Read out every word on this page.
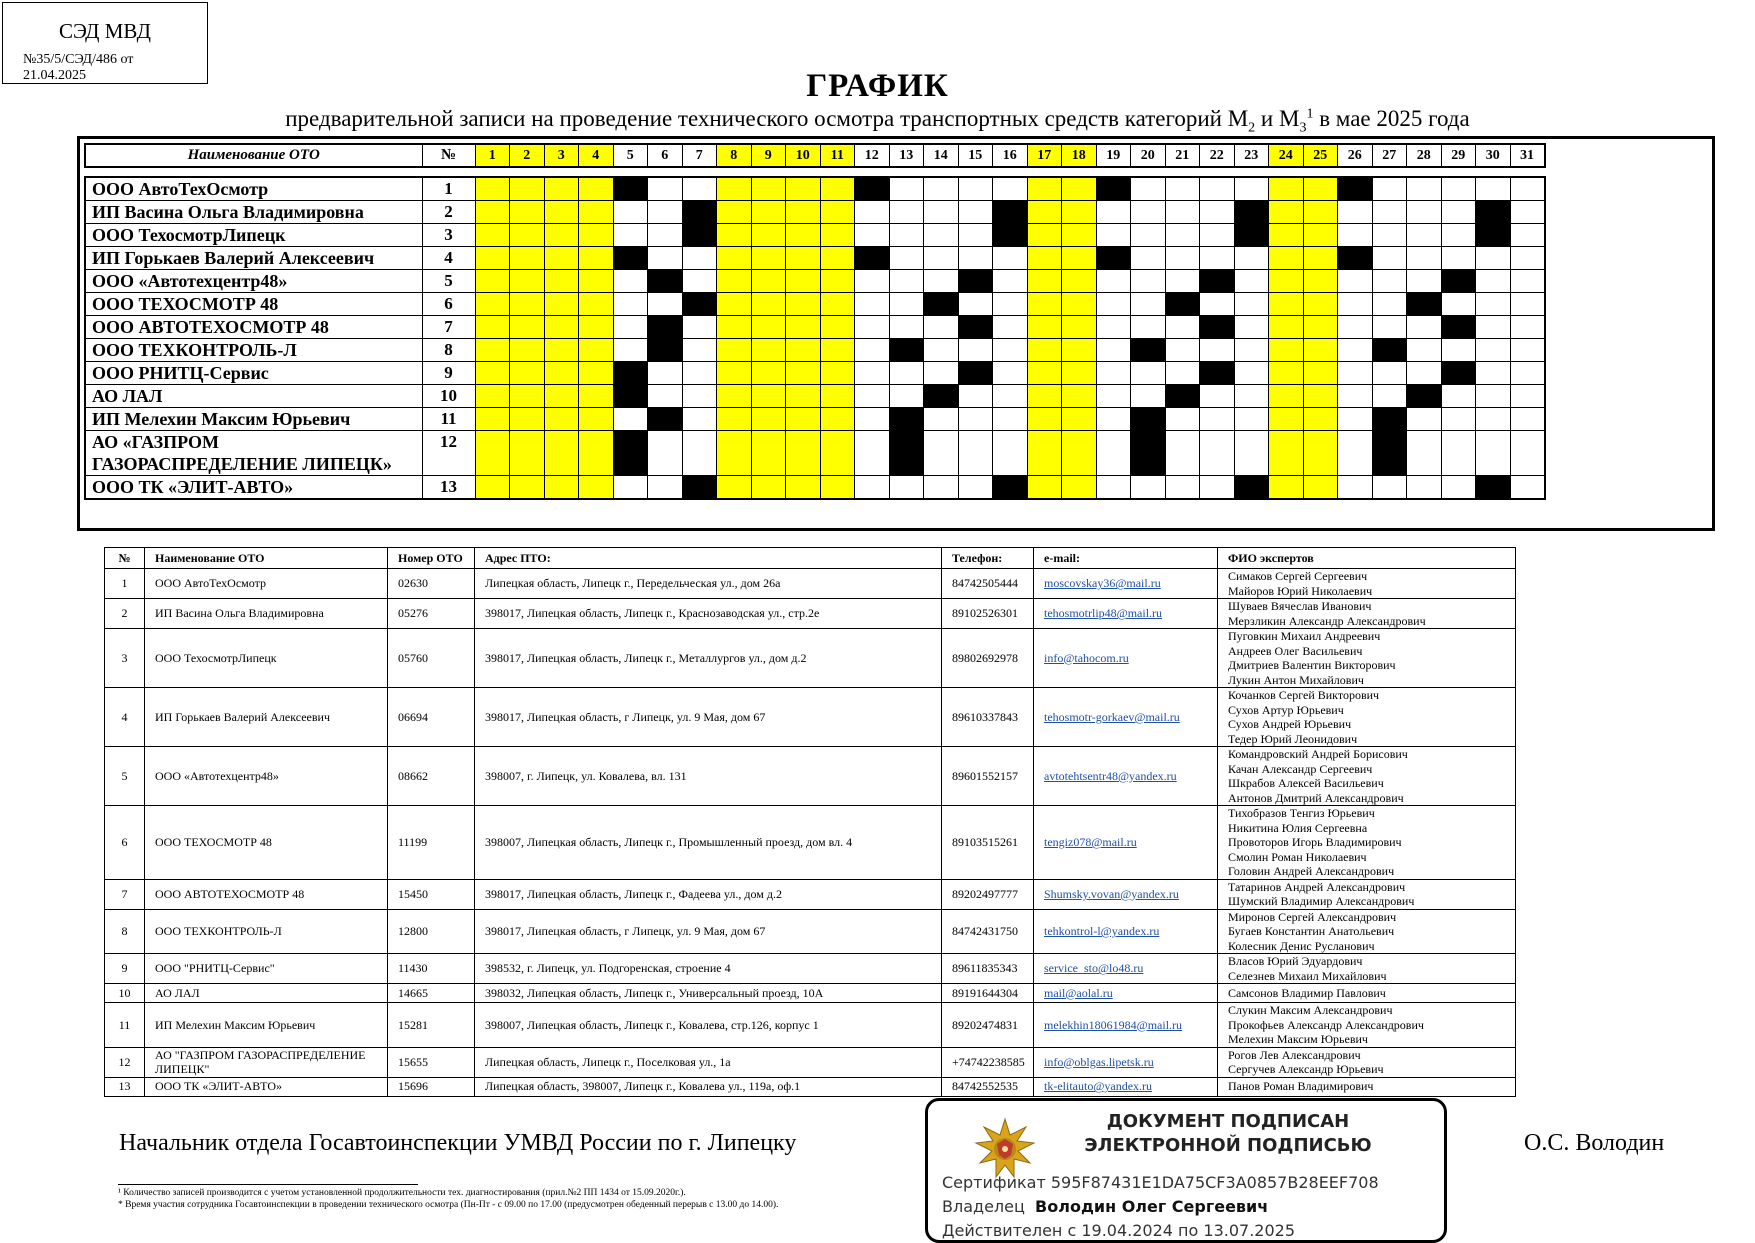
СЭД МВД
№35/5/СЭД/486 от 21.04.2025	ГРАФИК
предварительной записи на проведение технического осмотра транспортных средств категорий $М_2$ и $М_3^1$ в мае 2025 года
Наименование ОТО	№	1	2	3	4	5	6	7	8	9	10	11	12	13	14	15	16	17	18	19	20	21	22	23	24	25	26	27	28	29	30	31
ООО АвтоТехОсмотр	1																															
ИП Васина Ольга Владимировна	2																															
ООО ТехосмотрЛипецк	3																															
ИП Горькаев Валерий Алексеевич	4																															
ООО «Автотехцентр48»	5																															
ООО ТЕХОСМОТР 48	6																															
ООО АВТОТЕХОСМОТР 48	7																															
ООО ТЕХКОНТРОЛЬ-Л	8																															
ООО РНИТЦ-Сервис	9																															
АО ЛАЛ	10																															
ИП Мелехин Максим Юрьевич	11																															
АО «ГАЗПРОМ ГАЗОРАСПРЕДЕЛЕНИЕ ЛИПЕЦК»	12																															
ООО ТК «ЭЛИТ-АВТО»	13																															
№	Наименование ОТО	Номер ОТО	Адрес ПТО:	Телефон:	e-mail:	ФИО экспертов
1	ООО АвтоТехОсмотр	02630	Липецкая область, Липецк г., Передельческая ул., дом 26а	84742505444	moscovskay36@mail.ru	Симаков Сергей Сергеевич
Майоров Юрий Николаевич

2	ИП Васина Ольга Владимировна	05276	398017, Липецкая область, Липецк г., Краснозаводская ул., стр.2е	89102526301	tehosmotrlip48@mail.ru	Шуваев Вячеслав Иванович
Мерзликин Александр Александрович

3	ООО ТехосмотрЛипецк	05760	398017, Липецкая область, Липецк г., Металлургов ул., дом д.2	89802692978	info@tahocom.ru	Пуговкин Михаил Андреевич
Андреев Олег Васильевич
Дмитриев Валентин Викторович
Лукин Антон Михайлович

4	ИП Горькаев Валерий Алексеевич	06694	398017, Липецкая область, г Липецк, ул. 9 Мая, дом 67	89610337843	tehosmotr-gorkaev@mail.ru	Кочанков Сергей Викторович
Сухов Артур Юрьевич
Сухов Андрей Юрьевич
Тедер Юрий Леонидович

5	ООО «Автотехцентр48»	08662	398007, г. Липецк, ул. Ковалева, вл. 131	89601552157	avtotehtsentr48@yandex.ru	Командровский Андрей Борисович
Качан Александр Сергеевич
Шкрабов Алексей Васильевич
Антонов Дмитрий Александрович

6	ООО ТЕХОСМОТР 48	11199	398007, Липецкая область, Липецк г., Промышленный проезд, дом вл. 4	89103515261	tengiz078@mail.ru	Тихобразов Тенгиз Юрьевич
Никитина Юлия Сергеевна
Провоторов Игорь Владимирович
Смолин Роман Николаевич
Головин Андрей Александрович

7	ООО АВТОТЕХОСМОТР 48	15450	398017, Липецкая область, Липецк г., Фадеева ул., дом д.2	89202497777	Shumsky.vovan@yandex.ru	Татаринов Андрей Александрович
Шумский Владимир Александрович

8	ООО ТЕХКОНТРОЛЬ-Л	12800	398017, Липецкая область, г Липецк, ул. 9 Мая, дом 67	84742431750	tehkontrol-l@yandex.ru	Миронов Сергей Александрович
Бугаев Константин Анатольевич
Колесник Денис Русланович

9	ООО "РНИТЦ-Сервис"	11430	398532, г. Липецк, ул. Подгоренская, строение 4	89611835343	service_sto@lo48.ru	Власов Юрий Эдуардович
Селезнев Михаил Михайлович

10	АО ЛАЛ	14665	398032, Липецкая область, Липецк г., Универсальный проезд, 10А	89191644304	mail@aolal.ru	Самсонов Владимир Павлович

11	ИП Мелехин Максим Юрьевич	15281	398007, Липецкая область, Липецк г., Ковалева, стр.126, корпус 1	89202474831	melekhin18061984@mail.ru	Слукин Максим Александрович
Прокофьев Александр Александрович
Мелехин Максим Юрьевич

12	АО "ГАЗПРОМ ГАЗОРАСПРЕДЕЛЕНИЕ ЛИПЕЦК"	15655	Липецкая область, Липецк г., Поселковая ул., 1а	+74742238585	info@oblgas.lipetsk.ru	Рогов Лев Александрович
Сергучев Александр Юрьевич

13	ООО ТК «ЭЛИТ-АВТО»	15696	Липецкая область, 398007, Липецк г., Ковалева ул., 119а, оф.1	84742552535	tk-elitauto@yandex.ru	Панов Роман Владимирович
Начальник отдела Госавтоинспекции УМВД России по г. Липецку	О.С. Володин
¹ Количество записей производится с учетом установленной продолжительности тех. диагностирования (прил.№2 ПП 1434 от 15.09.2020г.).
* Время участия сотрудника Госавтоинспекции в проведении технического осмотра (Пн-Пт - с 09.00 по 17.00 (предусмотрен обеденный перерыв с 13.00 до 14.00).
ДОКУМЕНТ ПОДПИСАН
ЭЛЕКТРОННОЙ ПОДПИСЬЮ
Сертификат 595F87431E1DA75CF3A0857B28EEF708
Владелец Володин Олег Сергеевич
Действителен с 19.04.2024 по 13.07.2025
